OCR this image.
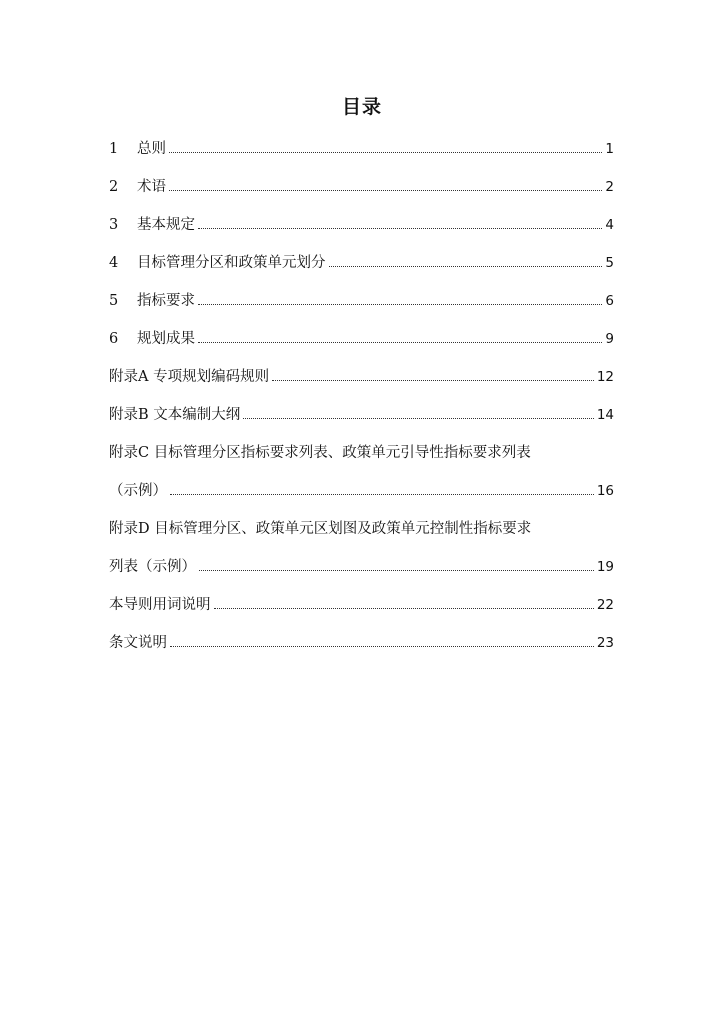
目录
1	总则	1
2	术语	2
3	基本规定	4
4	目标管理分区和政策单元划分	5
5	指标要求	6
6	规划成果	9
附录A 专项规划编码规则	12
附录B 文本编制大纲	14
附录C 目标管理分区指标要求列表、政策单元引导性指标要求列表
（示例）	16
附录D 目标管理分区、政策单元区划图及政策单元控制性指标要求
列表（示例）	19
本导则用词说明	22
条文说明	23
